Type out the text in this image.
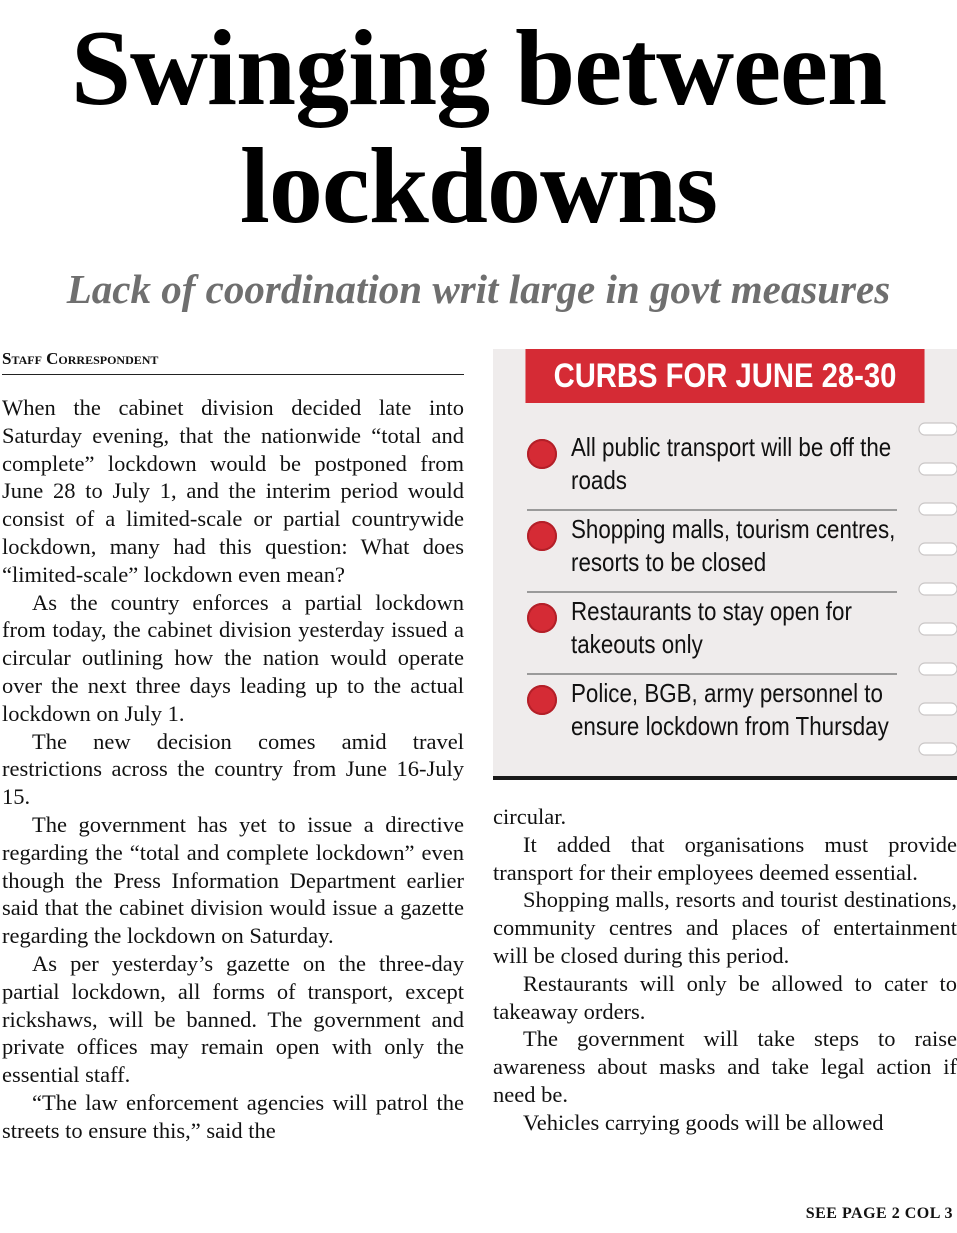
Swinging between
lockdowns
Lack of coordination writ large in govt measures
Staff Correspondent

When the cabinet division decided late into Saturday evening, that the nationwide “total and complete” lockdown would be postponed from June 28 to July 1, and the interim period would consist of a limited-scale or partial countrywide lockdown, many had this question: What does “limited-scale” lockdown even mean?

As the country enforces a partial lockdown from today, the cabinet division yesterday issued a circular outlining how the nation would operate over the next three days leading up to the actual lockdown on July 1.

The new decision comes amid travel restrictions across the country from June 16-July 15.

The government has yet to issue a directive regarding the “total and complete lockdown” even though the Press Information Department earlier said that the cabinet division would issue a gazette regarding the lockdown on Saturday.

As per yesterday’s gazette on the three-day partial lockdown, all forms of transport, except rickshaws, will be banned. The government and private offices may remain open with only the essential staff.

“The law enforcement agencies will patrol the streets to ensure this,” said the

CURBS FOR JUNE 28-30
All public transport will be off the roads
Shopping malls, tourism centres, resorts to be closed
Restaurants to stay open for takeouts only
Police, BGB, army personnel to ensure lockdown from Thursday

circular.

It added that organisations must provide transport for their employees deemed essential.

Shopping malls, resorts and tourist destinations, community centres and places of entertainment will be closed during this period.

Restaurants will only be allowed to cater to takeaway orders.

The government will take steps to raise awareness about masks and take legal action if need be.

Vehicles carrying goods will be allowed

SEE PAGE 2 COL 3
